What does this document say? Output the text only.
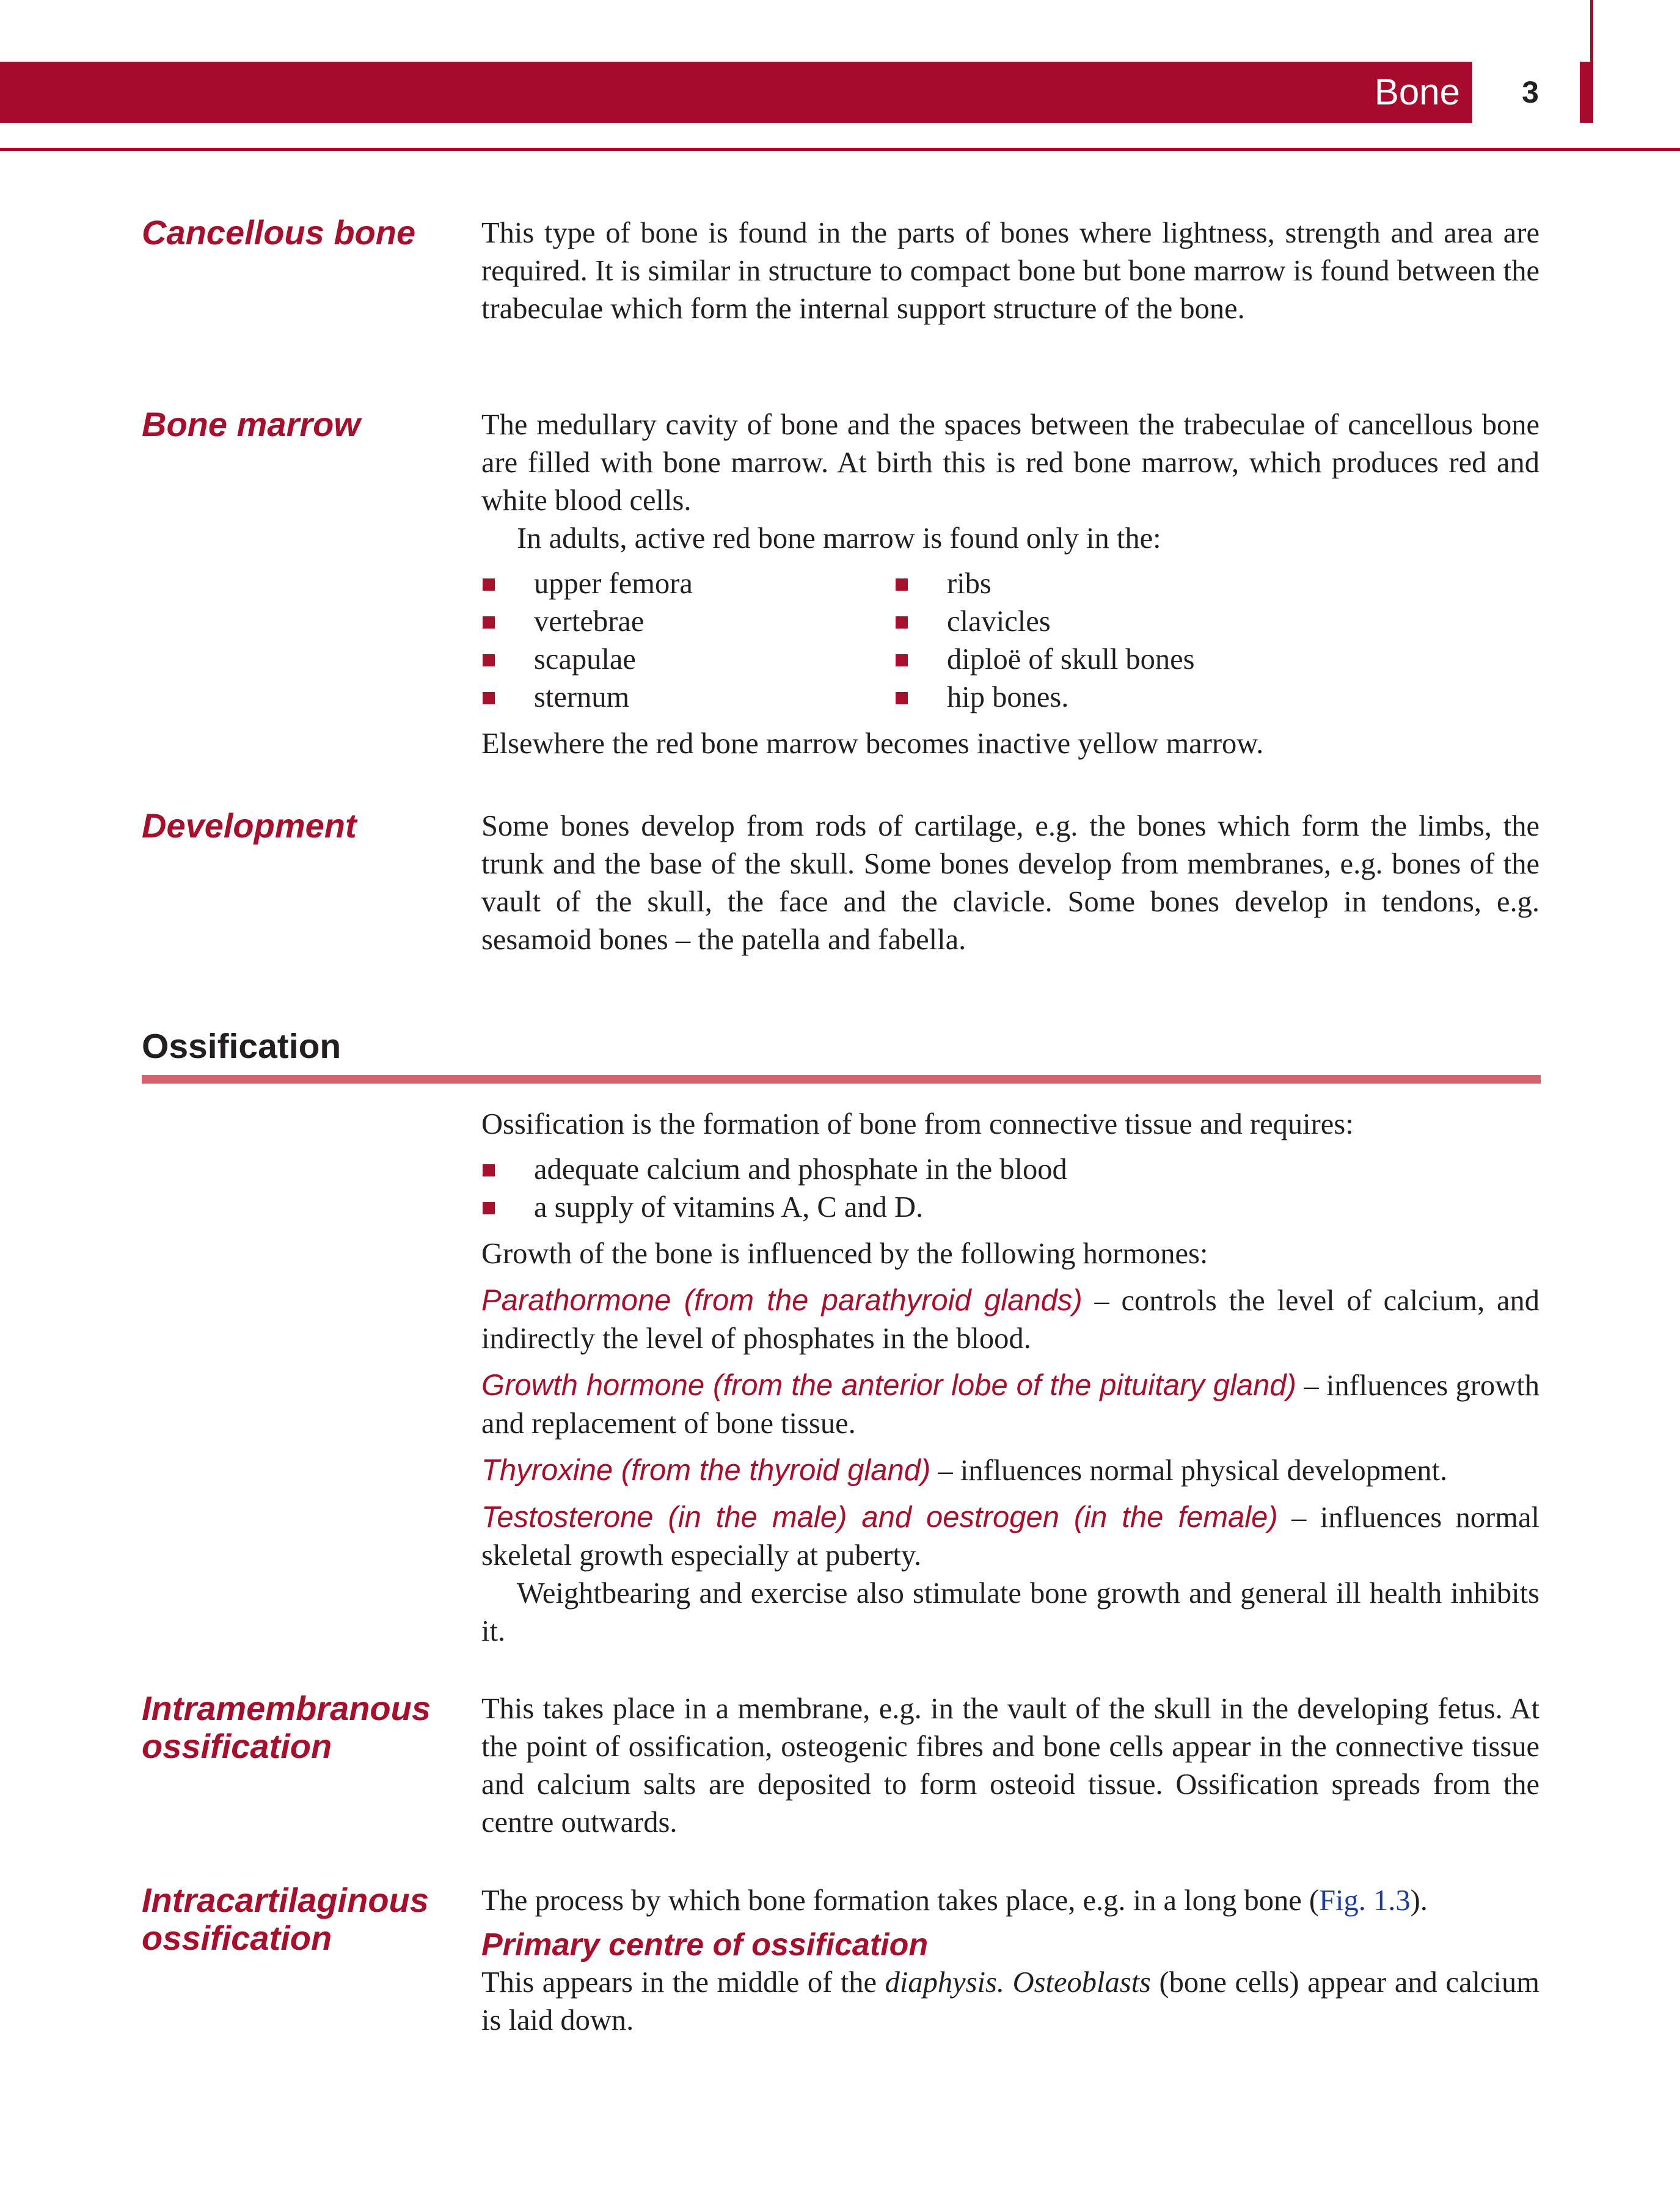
Bone	3
Cancellous bone	This type of bone is found in the parts of bones where lightness, strength and area are required. It is similar in structure to compact bone but bone marrow is found between the trabeculae which form the internal support structure of the bone.

Bone marrow	The medullary cavity of bone and the spaces between the trabeculae of cancellous bone are filled with bone marrow. At birth this is red bone marrow, which produces red and white blood cells.

In adults, active red bone marrow is found only in the:

upper femora

vertebrae

scapulae

sternum

ribs

clavicles

diploë of skull bones

hip bones.

Elsewhere the red bone marrow becomes inactive yellow marrow.

Development	Some bones develop from rods of cartilage, e.g. the bones which form the limbs, the trunk and the base of the skull. Some bones develop from membranes, e.g. bones of the vault of the skull, the face and the clavicle. Some bones develop in tendons, e.g. sesamoid bones – the patella and fabella.

Ossification

Ossification is the formation of bone from connective tissue and requires:

adequate calcium and phosphate in the blood

a supply of vitamins A, C and D.

Growth of the bone is influenced by the following hormones:

Parathormone (from the parathyroid glands) – controls the level of calcium, and indirectly the level of phosphates in the blood.

Growth hormone (from the anterior lobe of the pituitary gland) – influences growth and replacement of bone tissue.

Thyroxine (from the thyroid gland) – influences normal physical development.

Testosterone (in the male) and oestrogen (in the female) – influences normal skeletal growth especially at puberty.

Weightbearing and exercise also stimulate bone growth and general ill health inhibits it.

Intramembranous
ossification

This takes place in a membrane, e.g. in the vault of the skull in the developing fetus. At the point of ossification, osteogenic fibres and bone cells appear in the connective tissue and calcium salts are deposited to form osteoid tissue. Ossification spreads from the centre outwards.

Intracartilaginous
ossification

The process by which bone formation takes place, e.g. in a long bone (Fig. 1.3).

Primary centre of ossification

This appears in the middle of the diaphysis. Osteoblasts (bone cells) appear and calcium is laid down.
